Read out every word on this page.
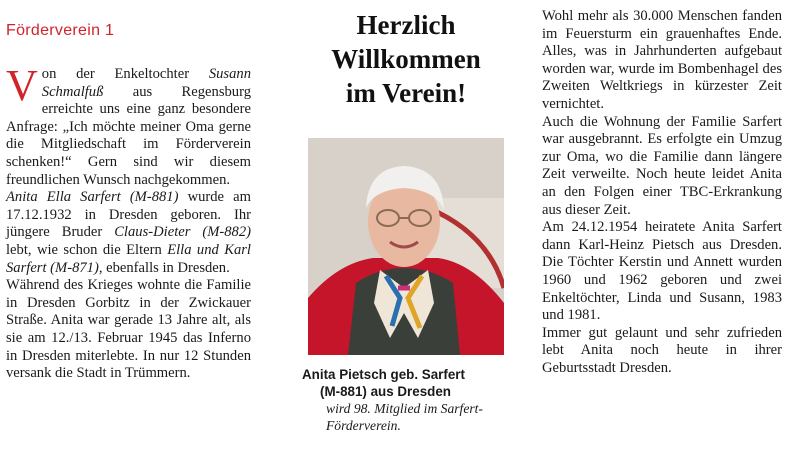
Förderverein 1

Von der Enkeltochter Susann Schmalfuß aus Regensburg erreichte uns eine ganz besondere Anfrage: „Ich möchte meiner Oma gerne die Mitgliedschaft im Förderverein schenken!“ Gern sind wir diesem freundlichen Wunsch nachgekommen.

Anita Ella Sarfert (M-881) wurde am 17.12.1932 in Dresden geboren. Ihr jüngere Bruder Claus-Dieter (M-882) lebt, wie schon die Eltern Ella und Karl Sarfert (M-871), ebenfalls in Dresden.

Während des Krieges wohnte die Familie in Dresden Gorbitz in der Zwickauer Straße. Anita war gerade 13 Jahre alt, als sie am 12./13. Februar 1945 das Inferno in Dresden miterlebte. In nur 12 Stunden versank die Stadt in Trümmern.

Herzlich
Willkommen
im Verein!
Anita Pietsch geb. Sarfert
(M-881) aus Dresden
wird 98. Mitglied im Sarfert-
Förderverein.

Wohl mehr als 30.000 Menschen fanden im Feuersturm ein grauenhaftes Ende. Alles, was in Jahrhunderten aufgebaut worden war, wurde im Bombenhagel des Zweiten Weltkriegs in kürzester Zeit vernichtet.

Auch die Wohnung der Familie Sarfert war ausgebrannt. Es erfolgte ein Umzug zur Oma, wo die Familie dann längere Zeit verweilte. Noch heute leidet Anita an den Folgen einer TBC-Erkrankung aus dieser Zeit.

Am 24.12.1954 heiratete Anita Sarfert dann Karl-Heinz Pietsch aus Dresden. Die Töchter Kerstin und Annett wurden 1960 und 1962 geboren und zwei Enkeltöchter, Linda und Susann, 1983 und 1981.

Immer gut gelaunt und sehr zufrieden lebt Anita noch heute in ihrer Geburtsstadt Dresden.
